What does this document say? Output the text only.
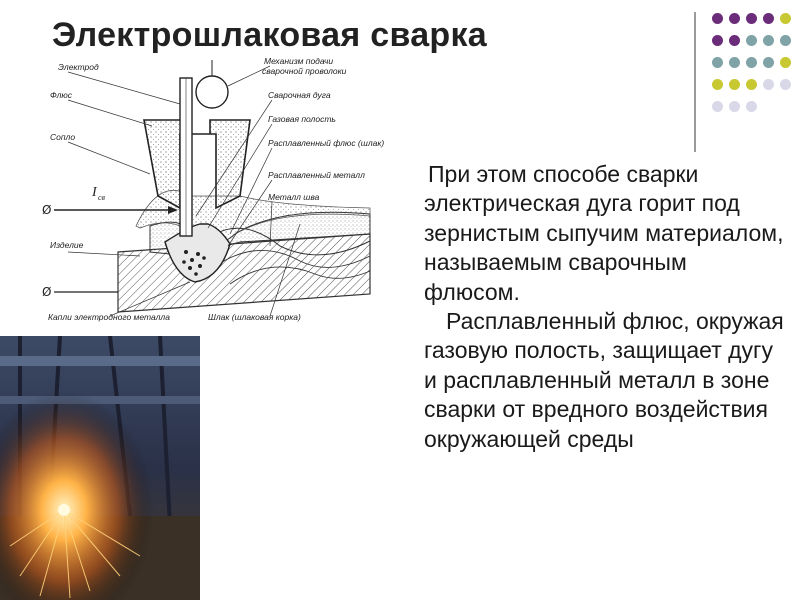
Электрошлаковая сварка
Электрод
Флюс
Сопло
Изделие
Механизм подачи
сварочной проволоки
Сварочная дуга
Газовая полость
Расплавленный флюс (шлак)
Расплавленный металл
Металл шва
Капли электродного металла	Шлак (шлаковая корка)
I св
Ø
Ø

При этом способе сварки электрическая дуга горит под зернистым сыпучим материалом, называемым сварочным флюсом.

Расплавленный флюс, окружая газовую полость, защищает дугу и расплавленный металл в зоне сварки от вредного воздействия окружающей среды
